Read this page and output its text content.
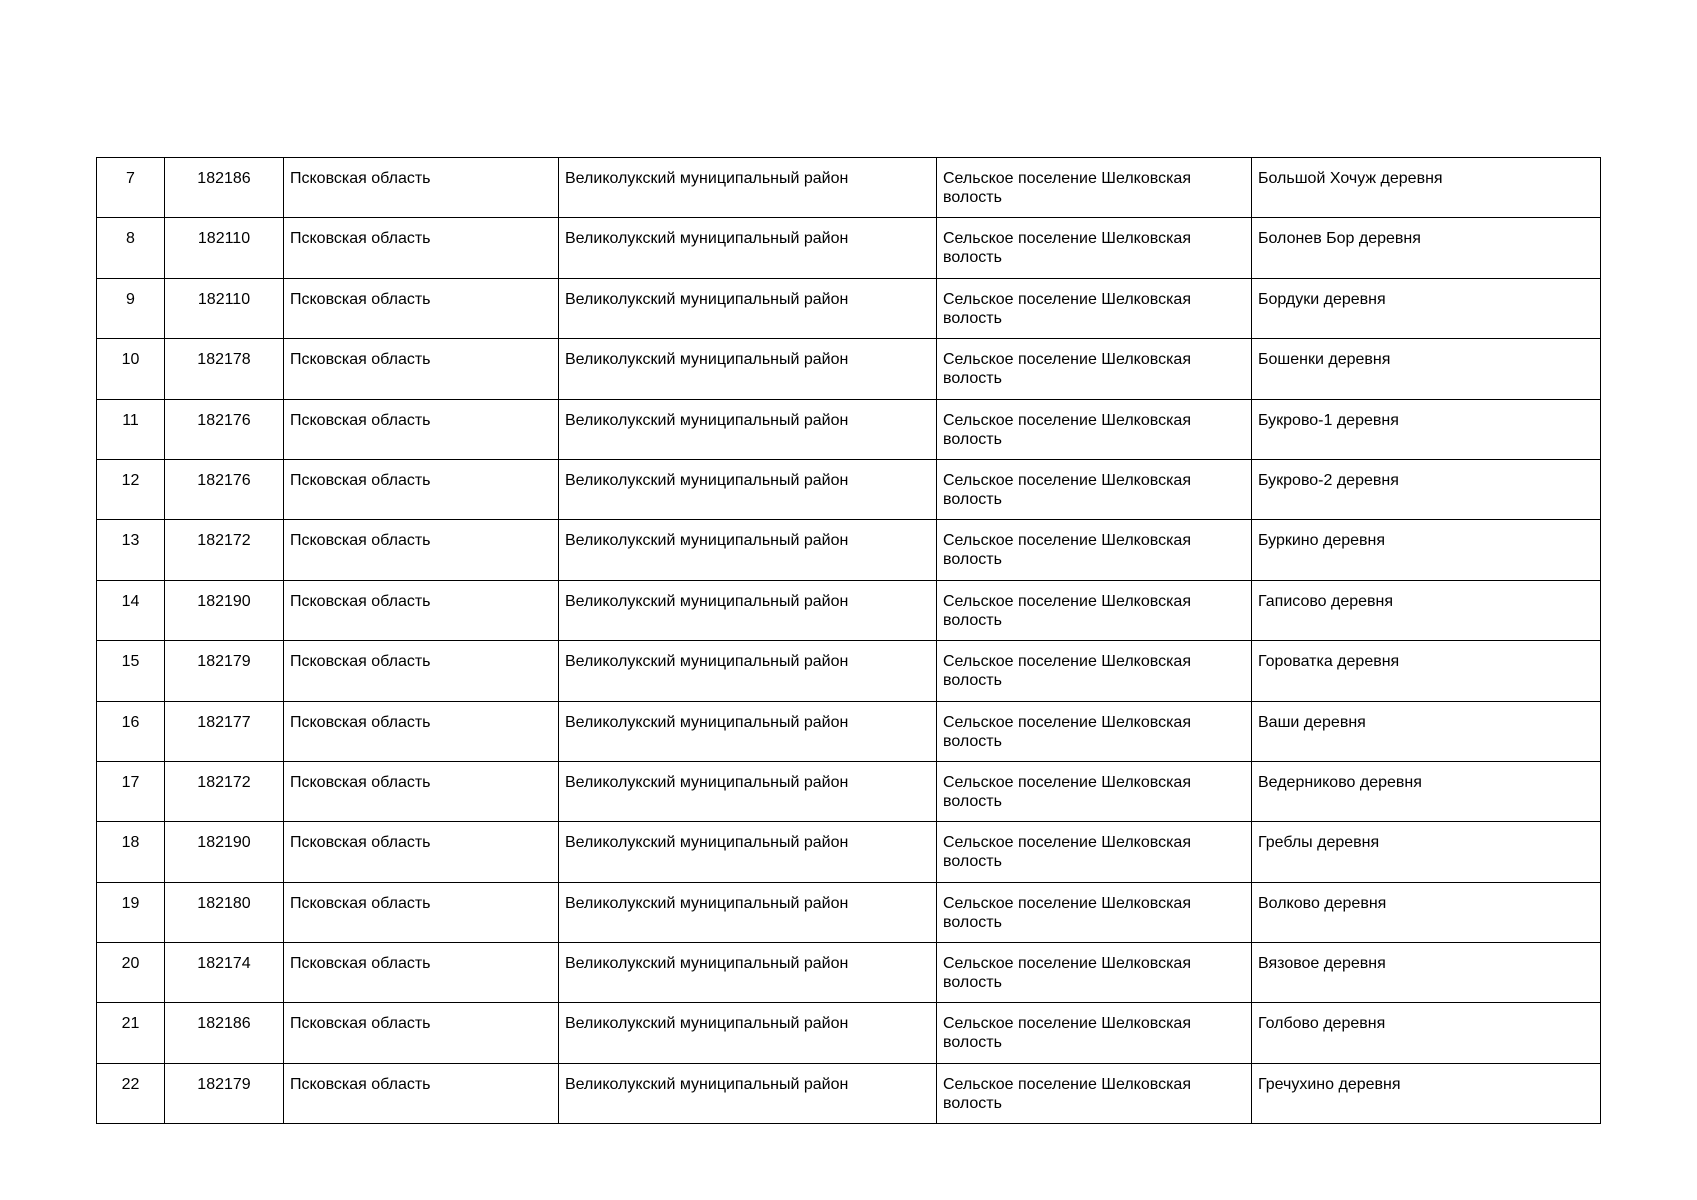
7	182186	Псковская область	Великолукский муниципальный район	Сельское поселение Шелковская волость	Большой Хочуж деревня

8	182110	Псковская область	Великолукский муниципальный район	Сельское поселение Шелковская волость	Болонев Бор деревня

9	182110	Псковская область	Великолукский муниципальный район	Сельское поселение Шелковская волость	Бордуки деревня

10	182178	Псковская область	Великолукский муниципальный район	Сельское поселение Шелковская волость	Бошенки деревня

11	182176	Псковская область	Великолукский муниципальный район	Сельское поселение Шелковская волость	Букрово-1 деревня

12	182176	Псковская область	Великолукский муниципальный район	Сельское поселение Шелковская волость	Букрово-2 деревня

13	182172	Псковская область	Великолукский муниципальный район	Сельское поселение Шелковская волость	Буркино деревня

14	182190	Псковская область	Великолукский муниципальный район	Сельское поселение Шелковская волость	Гаписово деревня

15	182179	Псковская область	Великолукский муниципальный район	Сельское поселение Шелковская волость	Горoватка деревня

16	182177	Псковская область	Великолукский муниципальный район	Сельское поселение Шелковская волость	Ваши деревня

17	182172	Псковская область	Великолукский муниципальный район	Сельское поселение Шелковская волость	Ведерниково деревня

18	182190	Псковская область	Великолукский муниципальный район	Сельское поселение Шелковская волость	Греблы деревня

19	182180	Псковская область	Великолукский муниципальный район	Сельское поселение Шелковская волость	Волково деревня

20	182174	Псковская область	Великолукский муниципальный район	Сельское поселение Шелковская волость	Вязовое деревня

21	182186	Псковская область	Великолукский муниципальный район	Сельское поселение Шелковская волость	Голбово деревня

22	182179	Псковская область	Великолукский муниципальный район	Сельское поселение Шелковская волость	Гречухино деревня
